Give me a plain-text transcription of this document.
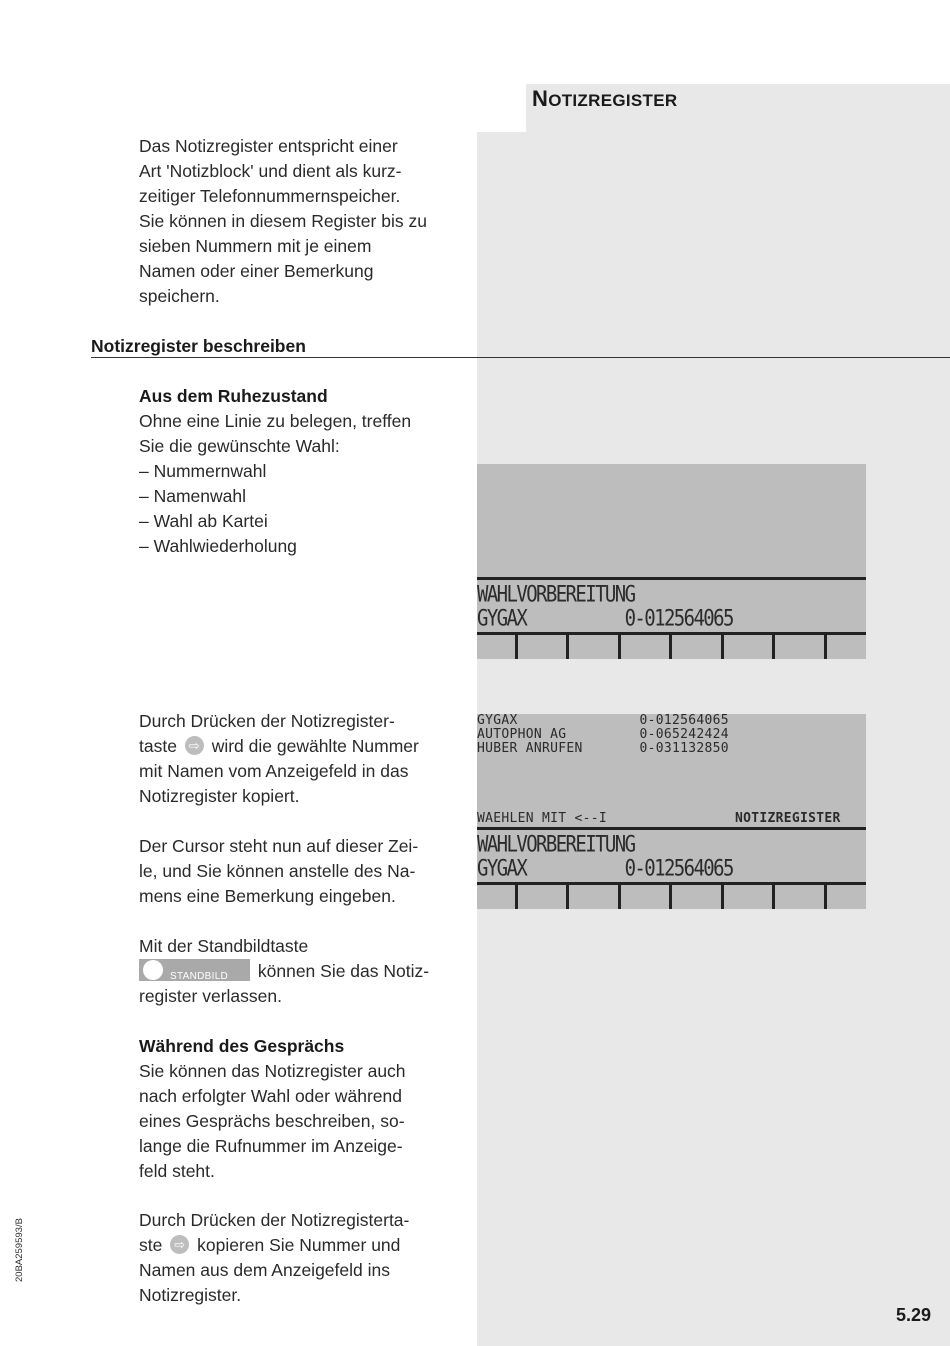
NOTIZREGISTER

Das Notizregister entspricht einer

Art 'Notizblock' und dient als kurz-

zeitiger Telefonnummernspeicher.

Sie können in diesem Register bis zu

sieben Nummern mit je einem

Namen oder einer Bemerkung

speichern.

Notizregister beschreiben

Aus dem Ruhezustand

Ohne eine Linie zu belegen, treffen

Sie die gewünschte Wahl:

– Nummernwahl

– Namenwahl

– Wahl ab Kartei

– Wahlwiederholung

WAHLVORBEREITUNG
GYGAX          0-012564065

Durch Drücken der Notizregister-

taste ⇨ wird die gewählte Nummer

mit Namen vom Anzeigefeld in das

Notizregister kopiert.

Der Cursor steht nun auf dieser Zei-

le, und Sie können anstelle des Na-

mens eine Bemerkung eingeben.

Mit der Standbildtaste

STANDBILD können Sie das Notiz-

register verlassen.

GYGAX               0-012564065
AUTOPHON AG         0-065242424
HUBER ANRUFEN       0-031132850
WAEHLEN MIT <--I	NOTIZREGISTER
WAHLVORBEREITUNG
GYGAX          0-012564065

Während des Gesprächs

Sie können das Notizregister auch

nach erfolgter Wahl oder während

eines Gesprächs beschreiben, so-

lange die Rufnummer im Anzeige-

feld steht.

Durch Drücken der Notizregisterta-

ste ⇨ kopieren Sie Nummer und

Namen aus dem Anzeigefeld ins

Notizregister.

20BA259593/B
5.29
